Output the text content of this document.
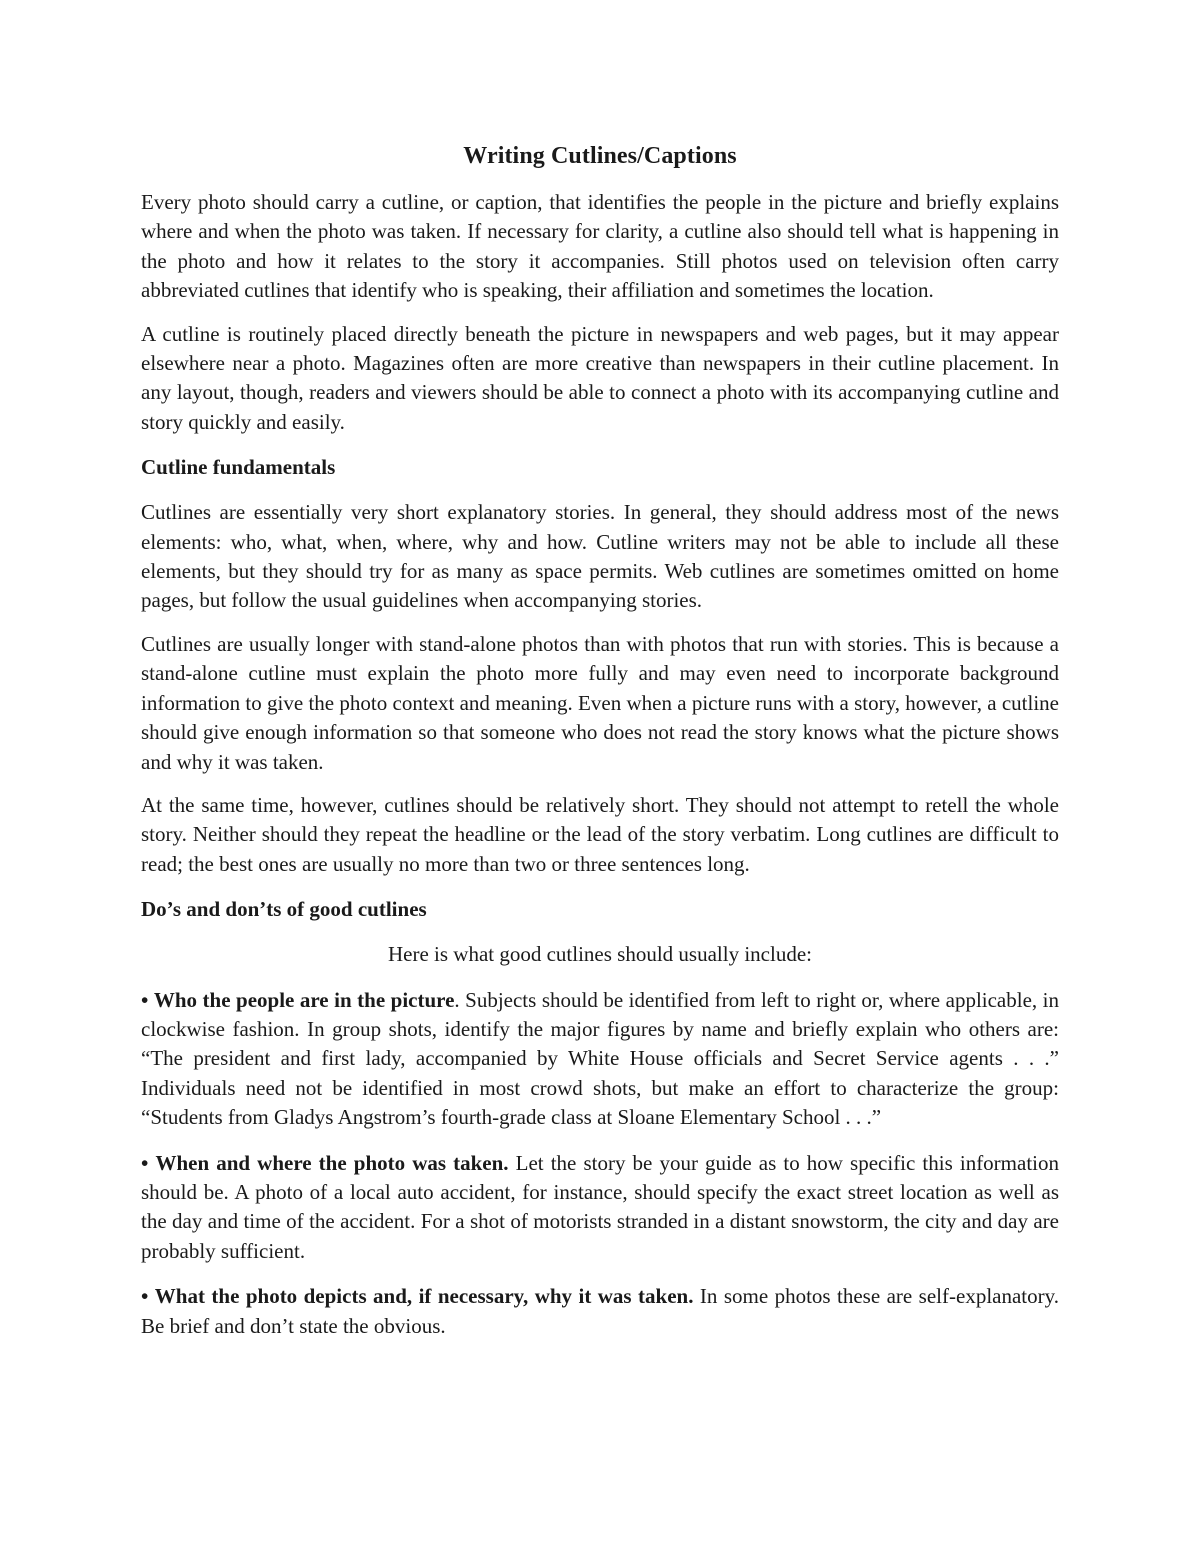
Writing Cutlines/Captions

Every photo should carry a cutline, or caption, that identifies the people in the picture and briefly explains where and when the photo was taken. If necessary for clarity, a cutline also should tell what is happening in the photo and how it relates to the story it accompanies. Still photos used on television often carry abbreviated cutlines that identify who is speaking, their affiliation and sometimes the location.

A cutline is routinely placed directly beneath the picture in newspapers and web pages, but it may appear elsewhere near a photo. Magazines often are more creative than newspapers in their cutline placement. In any layout, though, readers and viewers should be able to connect a photo with its accompanying cutline and story quickly and easily.

Cutline fundamentals

Cutlines are essentially very short explanatory stories. In general, they should address most of the news elements: who, what, when, where, why and how. Cutline writers may not be able to include all these elements, but they should try for as many as space permits. Web cutlines are sometimes omitted on home pages, but follow the usual guidelines when accompanying stories.

Cutlines are usually longer with stand-alone photos than with photos that run with stories. This is because a stand-alone cutline must explain the photo more fully and may even need to incorporate background information to give the photo context and meaning. Even when a picture runs with a story, however, a cutline should give enough information so that someone who does not read the story knows what the picture shows and why it was taken.

At the same time, however, cutlines should be relatively short. They should not attempt to retell the whole story. Neither should they repeat the headline or the lead of the story verbatim. Long cutlines are difficult to read; the best ones are usually no more than two or three sentences long.

Do’s and don’ts of good cutlines

Here is what good cutlines should usually include:

• Who the people are in the picture. Subjects should be identified from left to right or, where applicable, in clockwise fashion. In group shots, identify the major figures by name and briefly explain who others are: “The president and first lady, accompanied by White House officials and Secret Service agents . . .” Individuals need not be identified in most crowd shots, but make an effort to characterize the group: “Students from Gladys Angstrom’s fourth-grade class at Sloane Elementary School . . .”

• When and where the photo was taken. Let the story be your guide as to how specific this information should be. A photo of a local auto accident, for instance, should specify the exact street location as well as the day and time of the accident. For a shot of motorists stranded in a distant snowstorm, the city and day are probably sufficient.

• What the photo depicts and, if necessary, why it was taken. In some photos these are self-explanatory. Be brief and don’t state the obvious.
